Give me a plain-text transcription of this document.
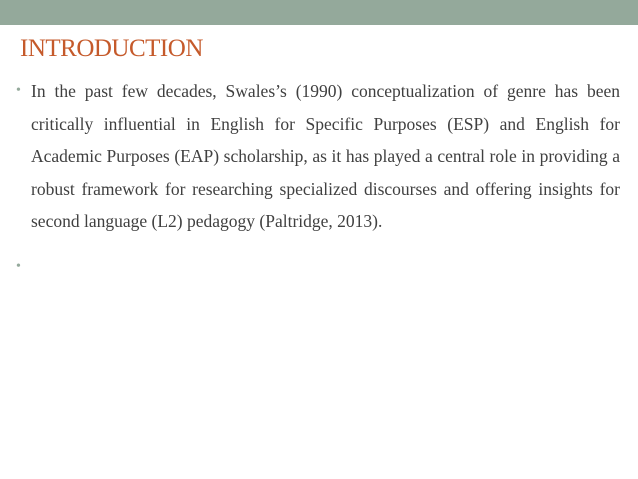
INTRODUCTION
• In the past few decades, Swales’s (1990) conceptualization of genre has been critically influential in English for Specific Purposes (ESP) and English for Academic Purposes (EAP) scholarship, as it has played a central role in providing a robust framework for researching specialized discourses and offering insights for second language (L2) pedagogy (Paltridge, 2013).

•
